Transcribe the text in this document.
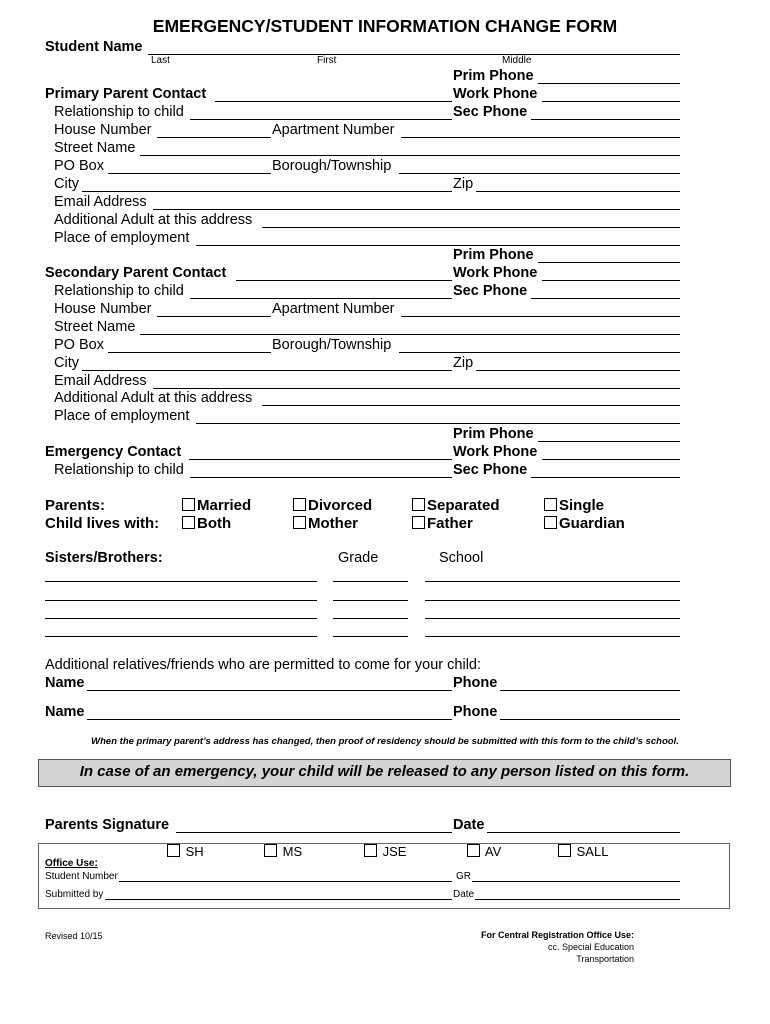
EMERGENCY/STUDENT INFORMATION CHANGE FORM
Student Name
Last	First	Middle
Prim Phone
Primary Parent Contact	Work Phone
Relationship to child	Sec Phone
House Number	Apartment Number
Street Name
PO Box	Borough/Township
City	Zip
Email Address
Additional Adult at this address
Place of employment
Prim Phone
Secondary Parent Contact	Work Phone
Relationship to child	Sec Phone
House Number	Apartment Number
Street Name
PO Box	Borough/Township
City	Zip
Email Address
Additional Adult at this address
Place of employment
Prim Phone
Emergency Contact	Work Phone
Relationship to child	Sec Phone
Parents:	Married	Divorced	Separated	Single
Child lives with:	Both	Mother	Father	Guardian
Sisters/Brothers:	Grade	School
Additional relatives/friends who are permitted to come for your child:
Name	Phone
Name	Phone
When the primary parent’s address has changed, then proof of residency should be submitted with this form to the child’s school.
In case of an emergency, your child will be released to any person listed on this form.
Parents Signature	Date
SH	MS	JSE	AV	SALL
Office Use:
Student Number	GR
Submitted by	Date
Revised 10/15	For Central Registration Office Use:
cc. Special Education
Transportation
